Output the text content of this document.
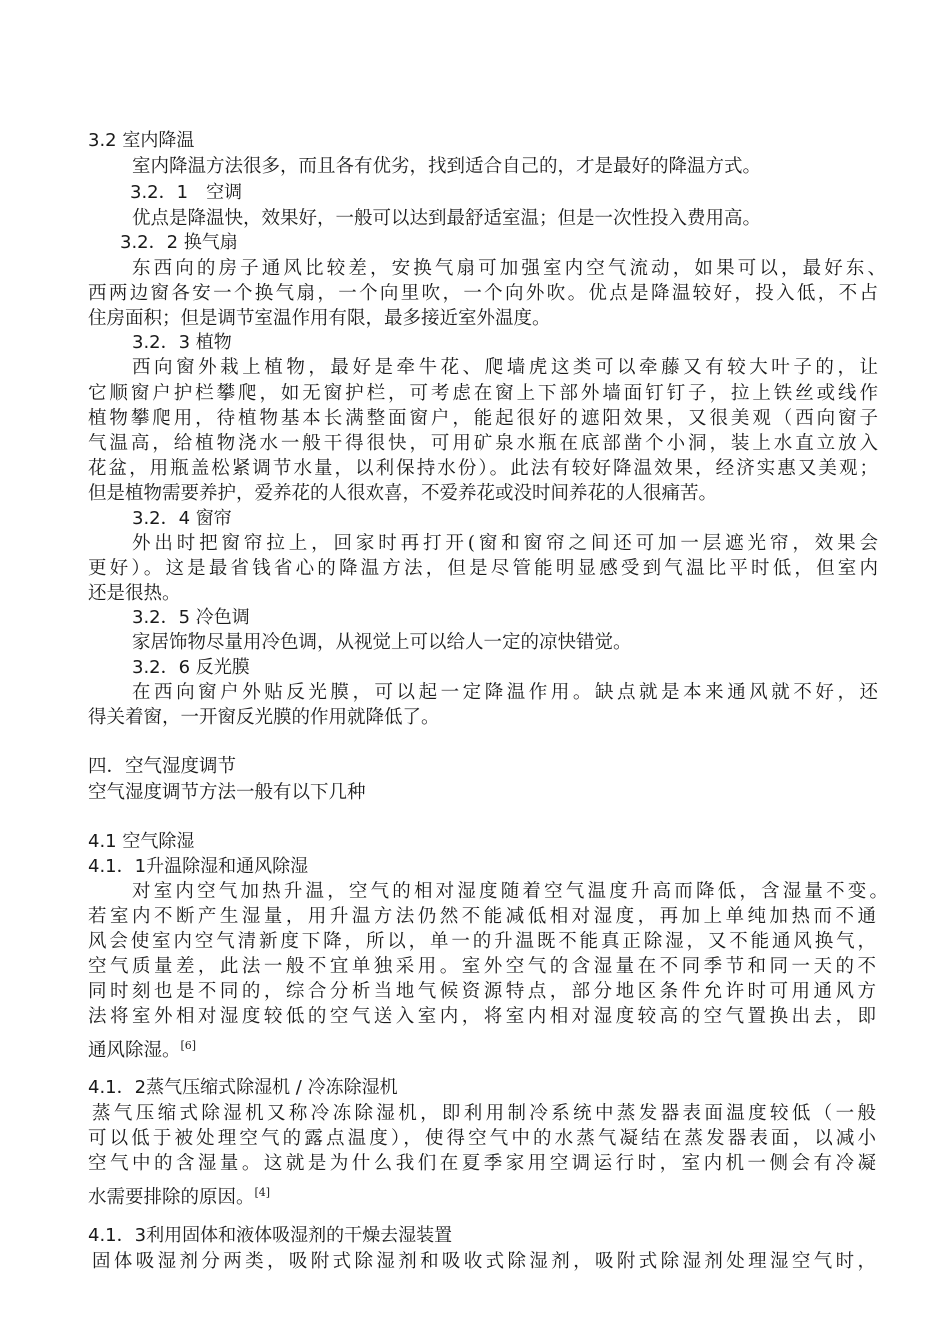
3.2 室内降温
室内降温方法很多，而且各有优劣，找到适合自己的，才是最好的降温方式。
3.2．1　空调
优点是降温快，效果好，一般可以达到最舒适室温；但是一次性投入费用高。
3.2．2 换气扇
东西向的房子通风比较差，安换气扇可加强室内空气流动，如果可以，最好东、
西两边窗各安一个换气扇，一个向里吹，一个向外吹。优点是降温较好，投入低，不占
住房面积；但是调节室温作用有限，最多接近室外温度。
3.2．3 植物
西向窗外栽上植物，最好是牵牛花、爬墙虎这类可以牵藤又有较大叶子的，让
它顺窗户护栏攀爬，如无窗护栏，可考虑在窗上下部外墙面钉钉子，拉上铁丝或线作
植物攀爬用，待植物基本长满整面窗户，能起很好的遮阳效果，又很美观（西向窗子
气温高，给植物浇水一般干得很快，可用矿泉水瓶在底部凿个小洞，装上水直立放入
花盆，用瓶盖松紧调节水量，以利保持水份）。此法有较好降温效果，经济实惠又美观；
但是植物需要养护，爱养花的人很欢喜，不爱养花或没时间养花的人很痛苦。
3.2．4 窗帘
外出时把窗帘拉上，回家时再打开(窗和窗帘之间还可加一层遮光帘，效果会
更好）。这是最省钱省心的降温方法，但是尽管能明显感受到气温比平时低，但室内
还是很热。
3.2．5 冷色调
家居饰物尽量用冷色调，从视觉上可以给人一定的凉快错觉。
3.2．6 反光膜
在西向窗户外贴反光膜，可以起一定降温作用。缺点就是本来通风就不好，还
得关着窗，一开窗反光膜的作用就降低了。
四．空气湿度调节
空气湿度调节方法一般有以下几种
4.1 空气除湿
4.1．1升温除湿和通风除湿
对室内空气加热升温，空气的相对湿度随着空气温度升高而降低，含湿量不变。
若室内不断产生湿量，用升温方法仍然不能减低相对湿度，再加上单纯加热而不通
风会使室内空气清新度下降，所以，单一的升温既不能真正除湿，又不能通风换气，
空气质量差，此法一般不宜单独采用。室外空气的含湿量在不同季节和同一天的不
同时刻也是不同的，综合分析当地气候资源特点，部分地区条件允许时可用通风方
法将室外相对湿度较低的空气送入室内，将室内相对湿度较高的空气置换出去，即
通风除湿。[6]
4.1．2蒸气压缩式除湿机 / 冷冻除湿机
蒸气压缩式除湿机又称冷冻除湿机，即利用制冷系统中蒸发器表面温度较低（一般
可以低于被处理空气的露点温度），使得空气中的水蒸气凝结在蒸发器表面，以减小
空气中的含湿量。这就是为什么我们在夏季家用空调运行时，室内机一侧会有冷凝
水需要排除的原因。[4]
4.1．3利用固体和液体吸湿剂的干燥去湿装置
固体吸湿剂分两类，吸附式除湿剂和吸收式除湿剂，吸附式除湿剂处理湿空气时，
